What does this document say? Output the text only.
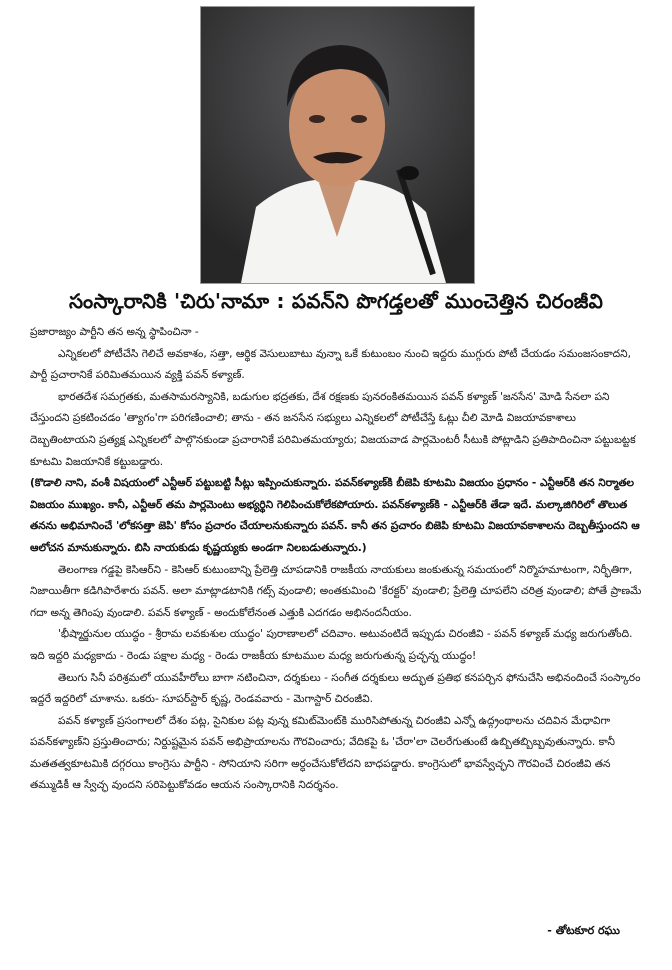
సంస్కారానికి 'చిరు'నామా : పవన్‌ని పొగడ్తలతో ముంచెత్తిన చిరంజీవి

ప్రజారాజ్యం పార్టీని తన అన్న స్థాపించినా -

ఎన్నికలలో పోటీచేసి గెలిచే అవకాశం, సత్తా, ఆర్థిక వెసులుబాటు వున్నా ఒకే కుటుంబం నుంచి ఇద్దరు ముగ్గురు పోటీ చేయడం సమంజసంకాదని, పార్టీ ప్రచారానికే పరిమితమయిన వ్యక్తి పవన్ కళ్యాణ్.

భారతదేశ సమగ్రతకు, మతసామరస్యానికి, బడుగుల భద్రతకు, దేశ రక్షణకు పునరంకితమయిన పవన్ కళ్యాణ్ 'జనసేన' మోడి సేనలా పని చేస్తుందని ప్రకటించడం 'త్యాగం'గా పరిగణించాలి; తాను - తన జనసేన సభ్యులు ఎన్నికలలో పోటీచేస్తే ఓట్లు చీలి మోడి విజయావకాశాలు దెబ్బతింటాయని ప్రత్యక్ష ఎన్నికలలో పాల్గొనకుండా ప్రచారానికే పరిమితమయ్యారు; విజయవాడ పార్లమెంటరీ సీటుకి పోట్లాడిని ప్రతిపాదించినా పట్టుబట్టక కూటమి విజయానికే కట్టుబడ్డారు.

(కొడాలి నాని, వంశీ విషయంలో ఎన్టీఆర్ పట్టుబట్టి సీట్లు ఇప్పించుకున్నారు. పవన్‌కళ్యాణ్‌కి బీజెపి కూటమి విజయం ప్రధానం - ఎన్టీఆర్‌కి తన నిర్మాతల విజయం ముఖ్యం. కానీ, ఎన్టీఆర్ తమ పార్లమెంటు అభ్యర్థిని గెలిపించుకోలేకపోయారు. పవన్‌కళ్యాణ్‌కి - ఎన్టీఆర్‌కి తేడా ఇదే. మల్కాజిగిరిలో తొలుత తనను అభిమానించే 'లోకసత్తా జెపి' కోసం ప్రచారం చేయాలనుకున్నారు పవన్. కానీ తన ప్రచారం బిజెపి కూటమి విజయావకాశాలను దెబ్బతీస్తుందని ఆ ఆలోచన మానుకున్నారు. బిసి నాయకుడు కృష్ణయ్యకు అండగా నిలబడుతున్నారు.)

తెలంగాణ గడ్డపై కెసిఆర్‌ని - కెసిఆర్ కుటుంబాన్ని ప్రేలెత్తి చూపడానికి రాజకీయ నాయకులు జంకుతున్న సమయంలో నిర్మొహమాటంగా, నిర్భీతిగా, నిజాయితీగా కడిగిపారేశారు పవన్. అలా మాట్లాడటానికి గట్స్ వుండాలి; అంతకుమించి 'కేరక్టర్' వుండాలి; ప్రేలెత్తి చూపలేని చరిత్ర వుండాలి; పోతే ప్రాణమే గదా అన్న తెగింపు వుండాలి. పవన్ కళ్యాణ్ - అందుకోలేనంత ఎత్తుకి ఎదగడం అభినందనీయం.

'భీష్మార్జునుల యుద్ధం - శ్రీరామ లవకుశుల యుద్ధం' పురాణాలలో చదివాం. అటువంటిదే ఇప్పుడు చిరంజీవి - పవన్ కళ్యాణ్ మధ్య జరుగుతోంది. ఇది ఇద్దరి మధ్యకాదు - రెండు పక్షాల మధ్య - రెండు రాజకీయ కూటముల మధ్య జరుగుతున్న ప్రచ్ఛన్న యుద్ధం!

తెలుగు సినీ పరిశ్రమలో యువహీరోలు బాగా నటించినా, దర్శకులు - సంగీత దర్శకులు అద్భుత ప్రతిభ కనపర్చిన ఫోనుచేసి అభినందించే సంస్కారం ఇద్దరే ఇద్దరిలో చూశాను. ఒకరు- సూపర్‌స్టార్ కృష్ణ, రెండవవారు - మెగాస్టార్ చిరంజీవి.

పవన్ కళ్యాణ్ ప్రసంగాలలో దేశం పట్ల, సైనికుల పట్ల వున్న కమిట్‌మెంట్‌కి మురిసిపోతున్న చిరంజీవి ఎన్నో ఉద్గ్రంథాలను చదివిన మేధావిగా పవన్‌కళ్యాణ్‌ని ప్రస్తుతించారు; నిర్దుష్టమైన పవన్ అభిప్రాయాలను గౌరవించారు; వేదికపై ఓ 'చేరా'లా చెలరేగుతుంటే ఉబ్బితబ్బిబ్బవుతున్నారు. కానీ మతతత్వకూటమికి దగ్గరయి కాంగ్రెసు పార్టీని - సోనియాని సరిగా అర్ధంచేసుకోలేదని బాధపడ్డారు. కాంగ్రెసులో భావస్వేచ్ఛని గౌరవించే చిరంజీవి తన తమ్ముడికీ ఆ స్వేచ్ఛ వుందని సరిపెట్టుకోవడం ఆయన సంస్కారానికి నిదర్శనం.

- తోటకూర రఘు
